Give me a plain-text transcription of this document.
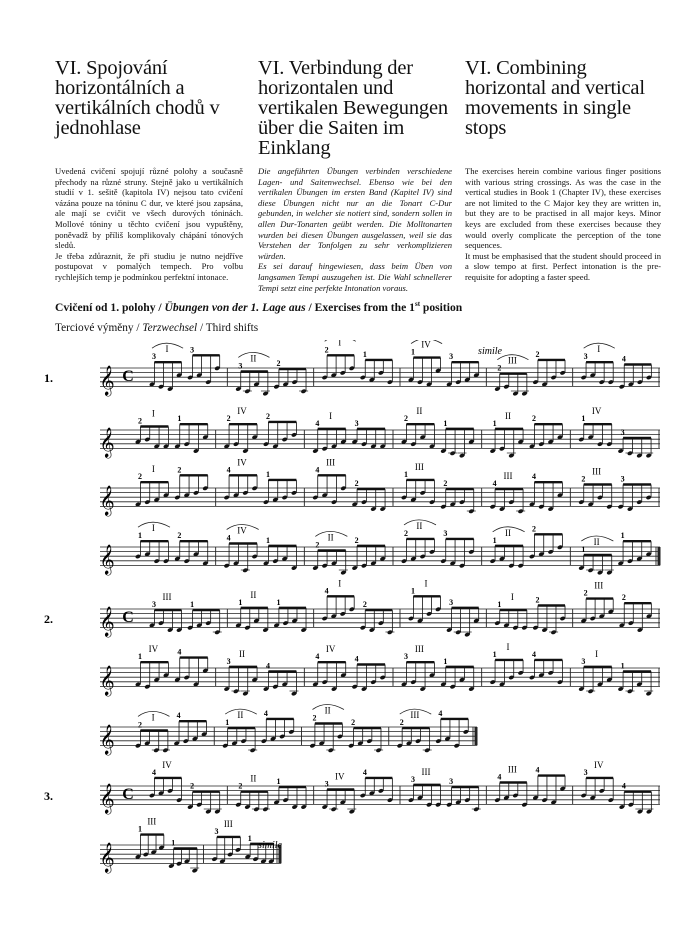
VI. Spojování horizontálních a vertikálních chodů v jednohlase
VI. Verbindung der horizontalen und vertikalen Bewegungen über die Saiten im Einklang
VI. Combining horizontal and vertical movements in single stops

Uvedená cvičení spojují různé polohy a současně přechody na různé struny. Stejně jako u vertikálních studií v 1. sešitě (kapitola IV) nejsou tato cvičení vázána pouze na tóninu C dur, ve které jsou zapsána, ale mají se cvičit ve všech durových tóninách. Mollové tóniny u těchto cvičení jsou vypuštěny, poněvadž by příliš komplikovaly chápání tónových sledů.

Je třeba zdůraznit, že při studiu je nutno nejdříve postupovat v pomalých tempech. Pro volbu rychlejších temp je podmínkou perfektní intonace.

Die angeführten Übungen verbinden verschiedene Lagen- und Saitenwechsel. Ebenso wie bei den vertikalen Übungen im ersten Band (Kapitel IV) sind diese Übungen nicht nur an die Tonart C-Dur gebunden, in welcher sie notiert sind, sondern sollen in allen Dur-Tonarten geübt werden. Die Molltonarten wurden bei diesen Übungen ausgelassen, weil sie das Verstehen der Tonfolgen zu sehr verkomplizieren würden.

Es sei darauf hingewiesen, dass beim Üben von langsamen Tempi auszugehen ist. Die Wahl schnellerer Tempi setzt eine perfekte Intonation voraus.

The exercises herein combine various finger positions with various string crossings. As was the case in the vertical studies in Book 1 (Chapter IV), these exercises are not limited to the C Major key they are written in, but they are to be practised in all major keys. Minor keys are excluded from these exercises because they would overly complicate the perception of the tone sequences.

It must be emphasised that the student should proceed in a slow tempo at first. Perfect intonation is the pre-requisite for adopting a faster speed.

Cvičení od 1. polohy / Übungen von der 1. Lage aus / Exercises from the 1st position
Terciové výměny / Terzwechsel / Third shifts
𝄞 C
1.
3
I	3
3
II
2
2
I
1	1
IV
3
2
III
2	3
I
4
𝄞
2
I
1	2
IV
2
4
I
3
2
II
1	1
II	2	1
IV
3
𝄞
2
I	2	4
IV
1
4
III
2
1
III
2	4
III 4	2
III
3
𝄞
1
I
2	4
IV
1
2
II	2
2
II
3
1
II	2
1
II
1
𝄞 C
2.
3
III
1	1
II
1
4
I
2
1
I
3	1
I	2
2
III
2
𝄞
1
IV 4
3
II
4
4
IV
4	3
III
1
1
I
4
3
I
1
𝄞
2
I	4
1
II	4
2
II
2	2
III 4
𝄞 C
3.
4
IV
2	2
II	1	3
IV 4
3
III
3
4
III 4	3
IV
4
𝄞
1
III
1
3
III
1
simile
simile
